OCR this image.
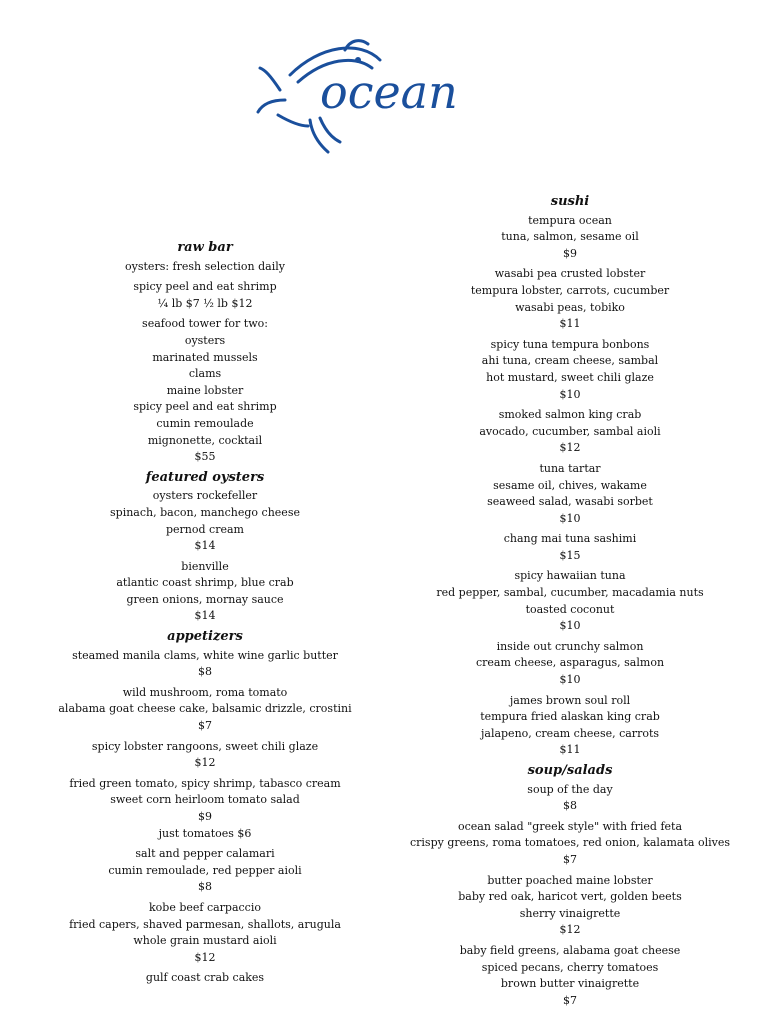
ocean
raw bar
oysters: fresh selection daily
spicy peel and eat shrimp
¼ lb $7 ½ lb $12
seafood tower for two:
oysters
marinated mussels
clams
maine lobster
spicy peel and eat shrimp
cumin remoulade
mignonette, cocktail
$55
featured oysters
oysters rockefeller
spinach, bacon, manchego cheese
pernod cream
$14
bienville
atlantic coast shrimp, blue crab
green onions, mornay sauce
$14
appetizers
steamed manila clams, white wine garlic butter
$8
wild mushroom, roma tomato
alabama goat cheese cake, balsamic drizzle, crostini
$7
spicy lobster rangoons, sweet chili glaze
$12
fried green tomato, spicy shrimp, tabasco cream
sweet corn heirloom tomato salad
$9
just tomatoes $6
salt and pepper calamari
cumin remoulade, red pepper aioli
$8
kobe beef carpaccio
fried capers, shaved parmesan, shallots, arugula
whole grain mustard aioli
$12
gulf coast crab cakes
sushi
tempura ocean
tuna, salmon, sesame oil
$9
wasabi pea crusted lobster
tempura lobster, carrots, cucumber
wasabi peas, tobiko
$11
spicy tuna tempura bonbons
ahi tuna, cream cheese, sambal
hot mustard, sweet chili glaze
$10
smoked salmon king crab
avocado, cucumber, sambal aioli
$12
tuna tartar
sesame oil, chives, wakame
seaweed salad, wasabi sorbet
$10
chang mai tuna sashimi
$15
spicy hawaiian tuna
red pepper, sambal, cucumber, macadamia nuts
toasted coconut
$10
inside out crunchy salmon
cream cheese, asparagus, salmon
$10
james brown soul roll
tempura fried alaskan king crab
jalapeno, cream cheese, carrots
$11
soup/salads
soup of the day
$8
ocean salad "greek style" with fried feta
crispy greens, roma tomatoes, red onion, kalamata olives
$7
butter poached maine lobster
baby red oak, haricot vert, golden beets
sherry vinaigrette
$12
baby field greens, alabama goat cheese
spiced pecans, cherry tomatoes
brown butter vinaigrette
$7
